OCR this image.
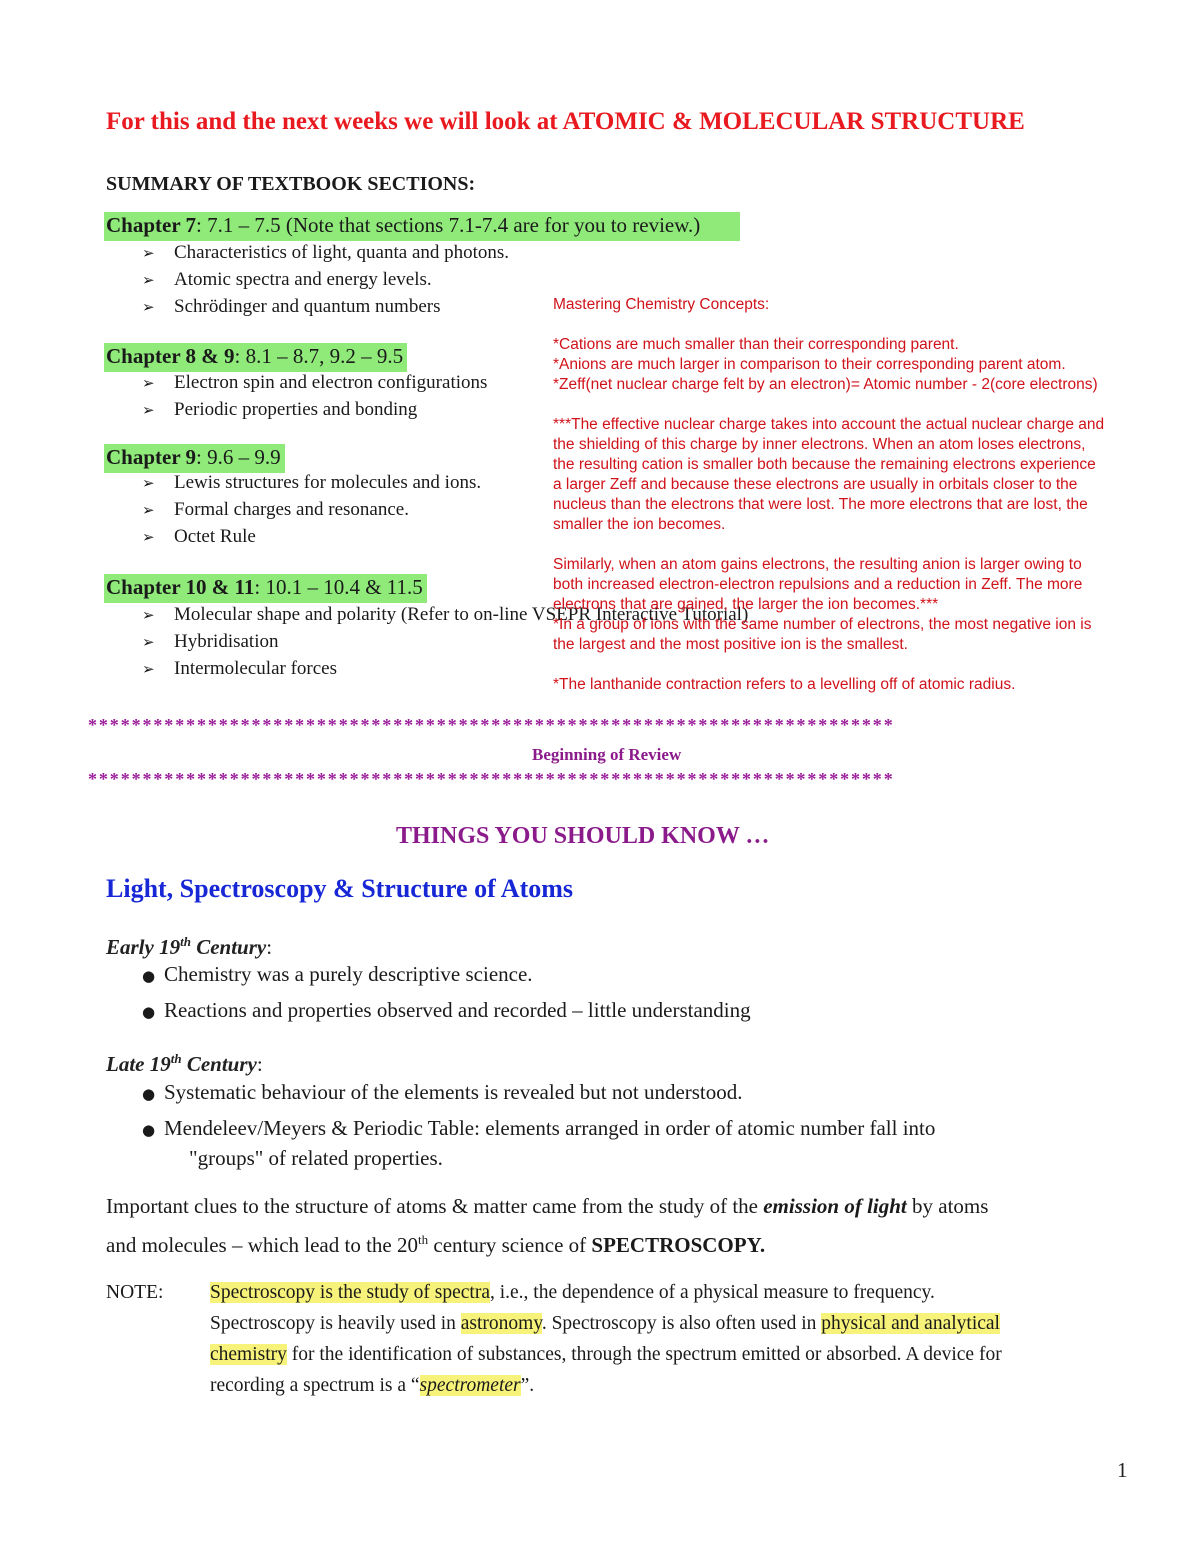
For this and the next weeks we will look at ATOMIC & MOLECULAR STRUCTURE
SUMMARY OF TEXTBOOK SECTIONS:
Chapter 7: 7.1 – 7.5 (Note that sections 7.1-7.4 are for you to review.)
➢ Characteristics of light, quanta and photons.
➢ Atomic spectra and energy levels.
➢ Schrödinger and quantum numbers
Chapter 8 & 9: 8.1 – 8.7, 9.2 – 9.5
➢ Electron spin and electron configurations
➢ Periodic properties and bonding
Chapter 9: 9.6 – 9.9
➢ Lewis structures for molecules and ions.
➢ Formal charges and resonance.
➢ Octet Rule
Chapter 10 & 11: 10.1 – 10.4 & 11.5
➢ Molecular shape and polarity (Refer to on-line VSEPR Interactive Tutorial)
➢ Hybridisation
➢ Intermolecular forces
Mastering Chemistry Concepts:
*Cations are much smaller than their corresponding parent.
*Anions are much larger in comparison to their corresponding parent atom.
*Zeff(net nuclear charge felt by an electron)= Atomic number - 2(core electrons)
***The effective nuclear charge takes into account the actual nuclear charge and
the shielding of this charge by inner electrons. When an atom loses electrons,
the resulting cation is smaller both because the remaining electrons experience
a larger Zeff and because these electrons are usually in orbitals closer to the
nucleus than the electrons that were lost. The more electrons that are lost, the
smaller the ion becomes.
Similarly, when an atom gains electrons, the resulting anion is larger owing to
both increased electron-electron repulsions and a reduction in Zeff. The more
electrons that are gained, the larger the ion becomes.***
*In a group of ions with the same number of electrons, the most negative ion is
the largest and the most positive ion is the smallest.
*The lanthanide contraction refers to a levelling off of atomic radius.
**************************************************************************
Beginning of Review
**************************************************************************
THINGS YOU SHOULD KNOW …
Light, Spectroscopy & Structure of Atoms
Early 19th Century:
● Chemistry was a purely descriptive science.
● Reactions and properties observed and recorded – little understanding
Late 19th Century:
● Systematic behaviour of the elements is revealed but not understood.
● Mendeleev/Meyers & Periodic Table: elements arranged in order of atomic number fall into
"groups" of related properties.
Important clues to the structure of atoms & matter came from the study of the emission of light by atoms
and molecules – which lead to the 20th century science of SPECTROSCOPY.
NOTE: Spectroscopy is the study of spectra, i.e., the dependence of a physical measure to frequency.
Spectroscopy is heavily used in astronomy. Spectroscopy is also often used in physical and analytical
chemistry for the identification of substances, through the spectrum emitted or absorbed. A device for
recording a spectrum is a “spectrometer”.
1
